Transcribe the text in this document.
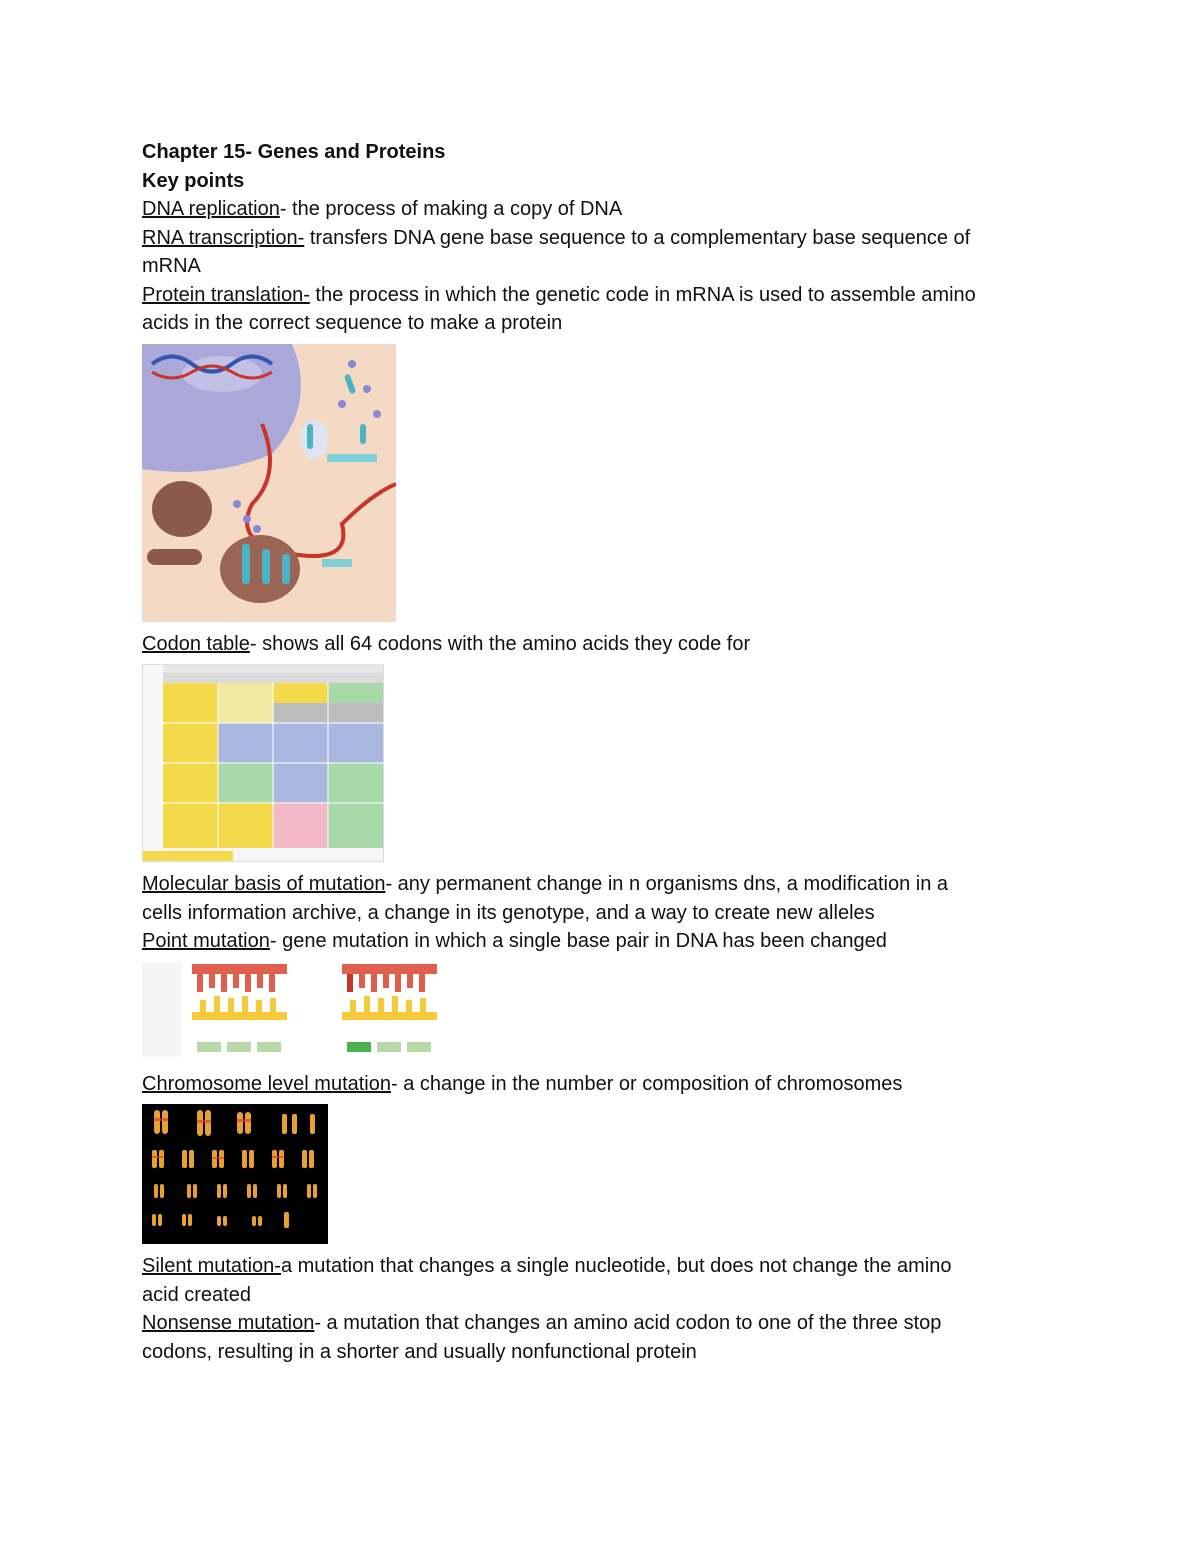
Chapter 15- Genes and Proteins

Key points

DNA replication- the process of making a copy of DNA

RNA transcription- transfers DNA gene base sequence to a complementary base sequence of

mRNA

Protein translation- the process in which the genetic code in mRNA is used to assemble amino

acids in the correct sequence to make a protein

Codon table- shows all 64 codons with the amino acids they code for

Molecular basis of mutation- any permanent change in n organisms dns, a modification in a

cells information archive, a change in its genotype, and a way to create new alleles

Point mutation- gene mutation in which a single base pair in DNA has been changed

Chromosome level mutation- a change in the number or composition of chromosomes

Silent mutation-a mutation that changes a single nucleotide, but does not change the amino

acid created

Nonsense mutation- a mutation that changes an amino acid codon to one of the three stop

codons, resulting in a shorter and usually nonfunctional protein
